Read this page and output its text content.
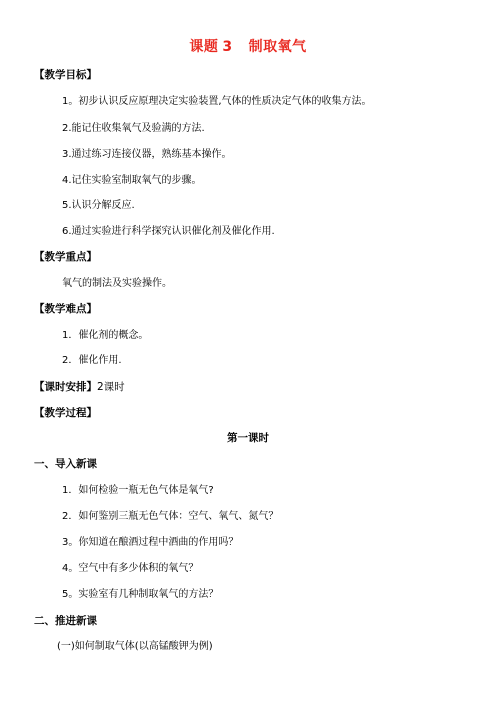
课题 3 制取氧气
【教学目标】
1。初步认识反应原理决定实验装置,气体的性质决定气体的收集方法。
2.能记住收集氧气及验满的方法.
3.通过练习连接仪器，熟练基本操作。
4.记住实验室制取氧气的步骤。
5.认识分解反应.
6.通过实验进行科学探究认识催化剂及催化作用.
【教学重点】
氧气的制法及实验操作。
【教学难点】
1．催化剂的概念。
2．催化作用.
【课时安排】2课时
【教学过程】
第一课时
一、导入新课
1．如何检验一瓶无色气体是氧气?
2．如何鉴别三瓶无色气体：空气、氧气、氮气？
3。你知道在酿酒过程中酒曲的作用吗？
4。空气中有多少体积的氧气？
5。实验室有几种制取氧气的方法？
二、推进新课
(一)如何制取气体(以高锰酸钾为例)
